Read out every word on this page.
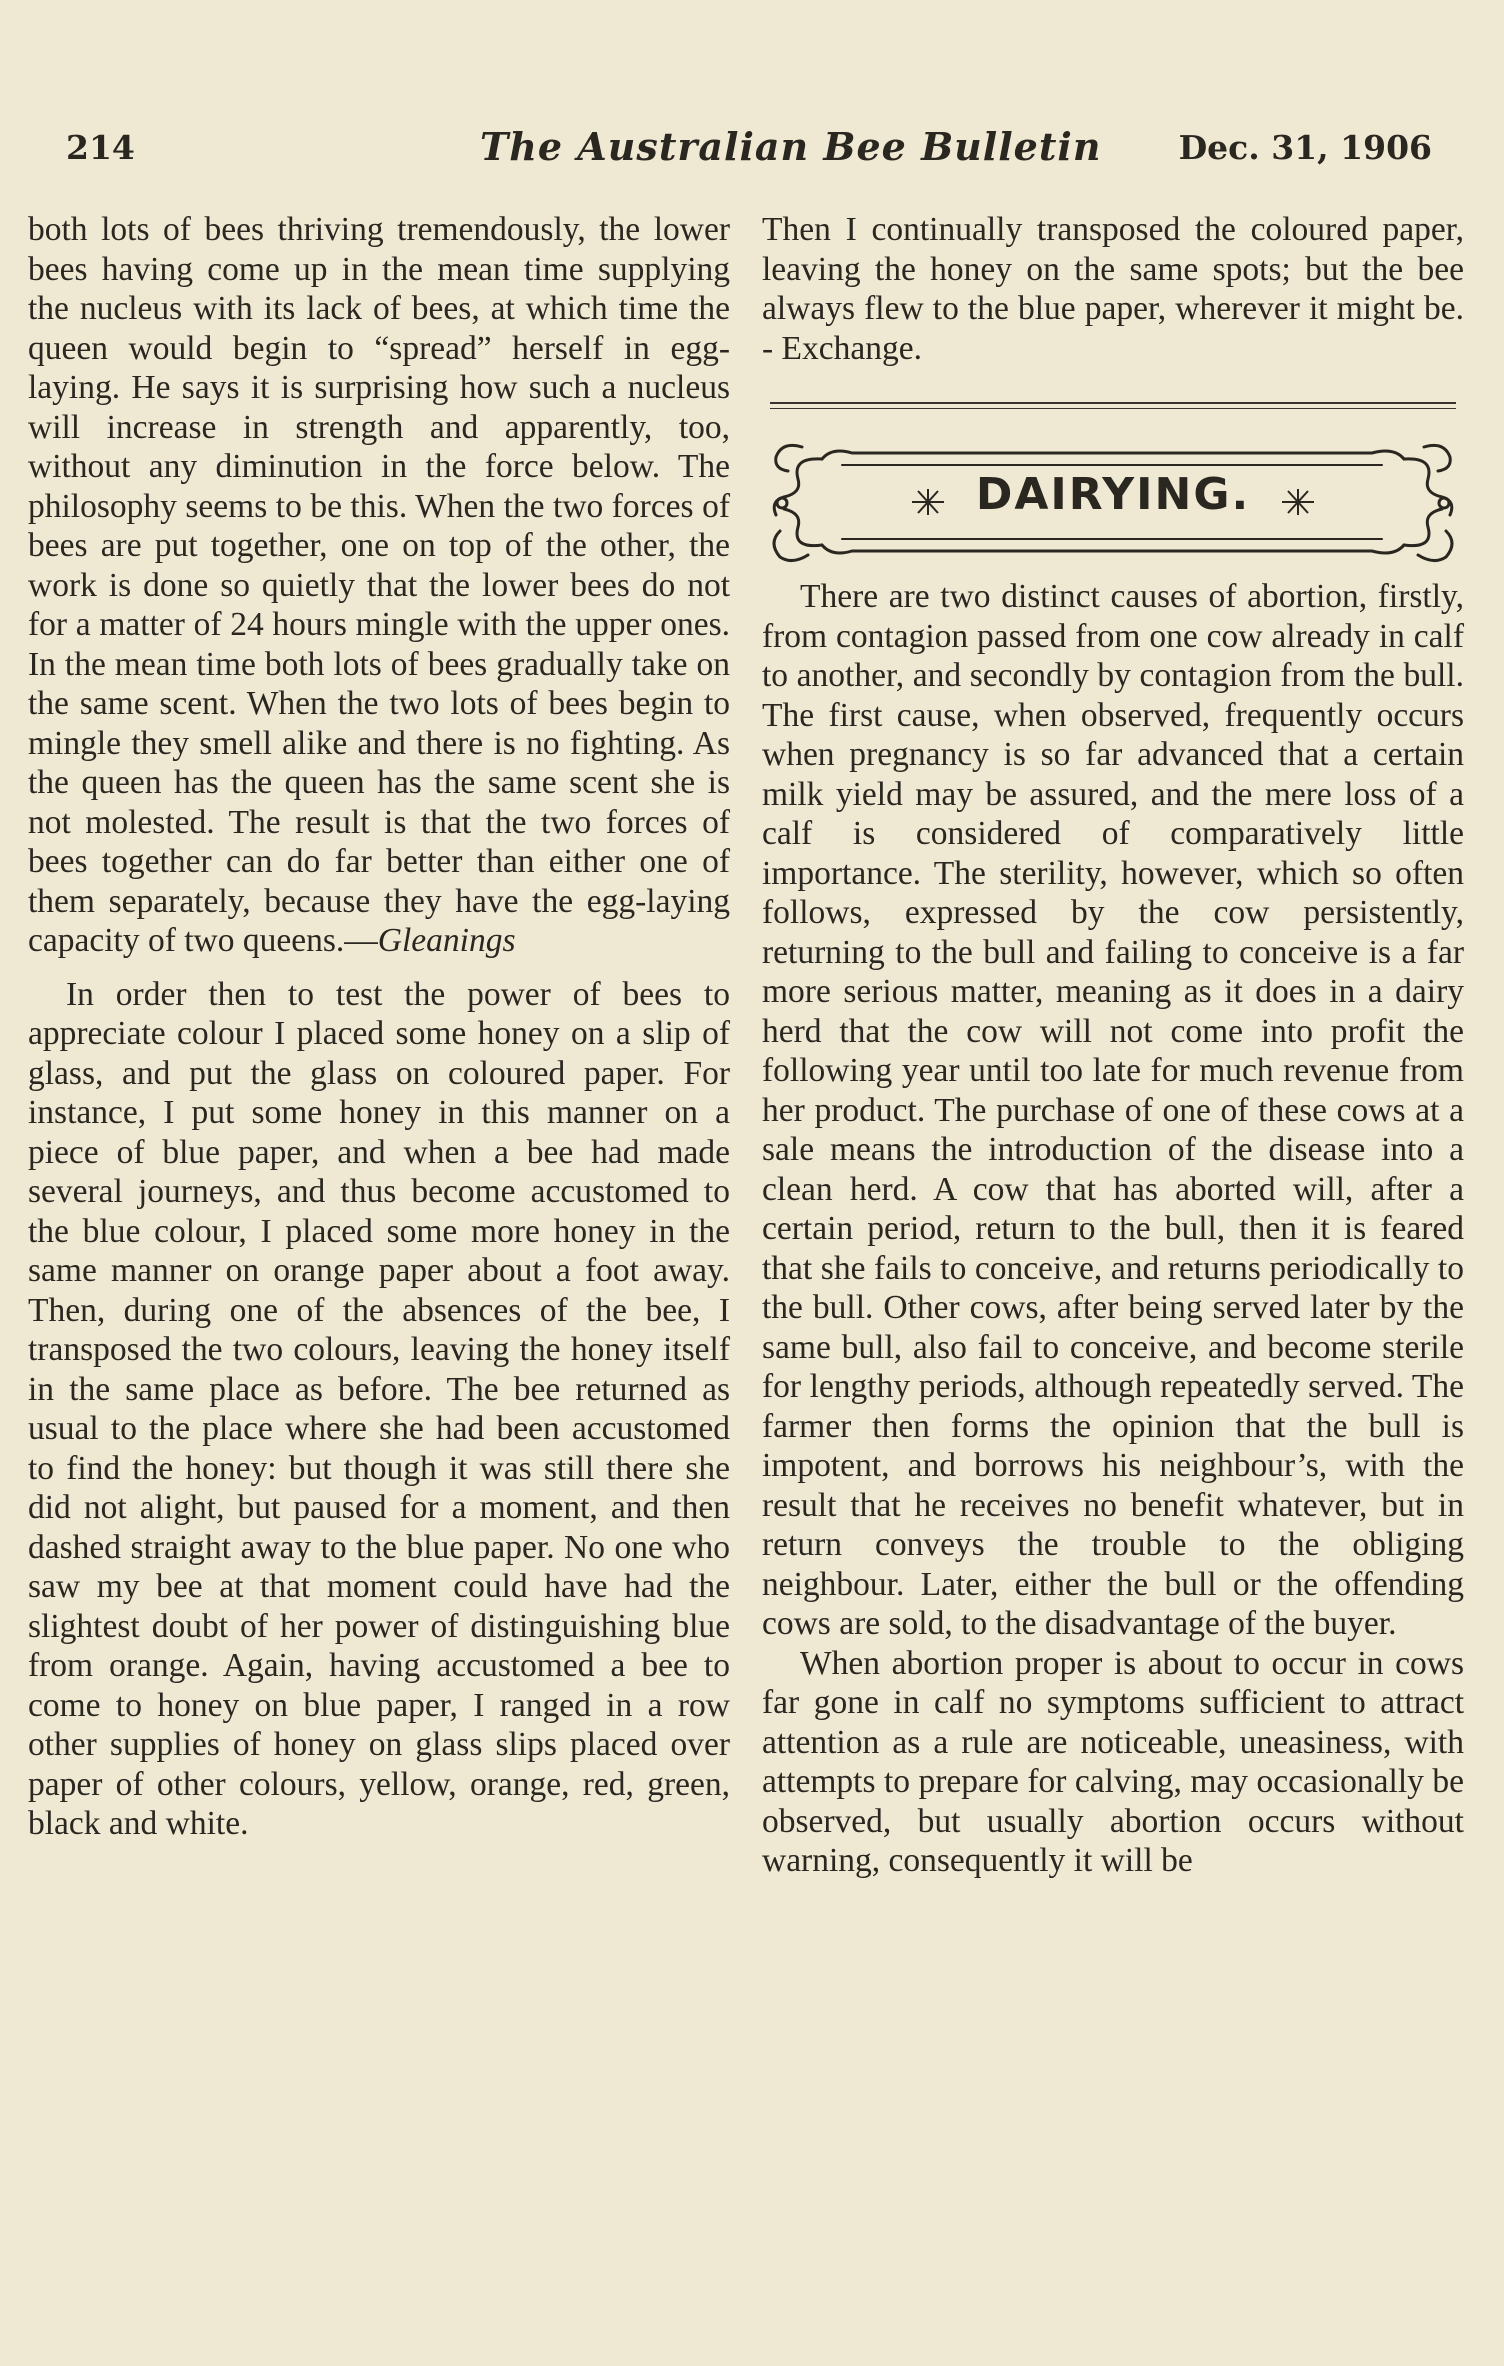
214	The Australian Bee Bulletin Dec. 31, 1906

both lots of bees thriving tremendously, the lower bees having come up in the mean time supplying the nucleus with its lack of bees, at which time the queen would begin to “spread” herself in egg-laying. He says it is surprising how such a nucleus will increase in strength and apparently, too, without any diminution in the force below. The philosophy seems to be this. When the two forces of bees are put together, one on top of the other, the work is done so quietly that the lower bees do not for a matter of 24 hours mingle with the upper ones. In the mean time both lots of bees gradually take on the same scent. When the two lots of bees begin to mingle they smell alike and there is no fighting. As the queen has the queen has the same scent she is not molested. The result is that the two forces of bees together can do far better than either one of them separately, because they have the egg-laying capacity of two queens.—Gleanings

In order then to test the power of bees to appreciate colour I placed some honey on a slip of glass, and put the glass on coloured paper. For instance, I put some honey in this manner on a piece of blue paper, and when a bee had made several journeys, and thus become accustomed to the blue colour, I placed some more honey in the same manner on orange paper about a foot away. Then, during one of the absences of the bee, I transposed the two colours, leaving the honey itself in the same place as before. The bee returned as usual to the place where she had been accustomed to find the honey: but though it was still there she did not alight, but paused for a moment, and then dashed straight away to the blue paper. No one who saw my bee at that moment could have had the slightest doubt of her power of distinguishing blue from orange. Again, having accustomed a bee to come to honey on blue paper, I ranged in a row other supplies of honey on glass slips placed over paper of other colours, yellow, orange, red, green, black and white.

Then I continually transposed the coloured paper, leaving the honey on the same spots; but the bee always flew to the blue paper, wherever it might be. - Exchange.

DAIRYING.

There are two distinct causes of abortion, firstly, from contagion passed from one cow already in calf to another, and secondly by contagion from the bull. The first cause, when observed, frequently occurs when pregnancy is so far advanced that a certain milk yield may be assured, and the mere loss of a calf is considered of comparatively little importance. The sterility, however, which so often follows, expressed by the cow persistently, returning to the bull and failing to conceive is a far more serious matter, meaning as it does in a dairy herd that the cow will not come into profit the following year until too late for much revenue from her product. The purchase of one of these cows at a sale means the introduction of the disease into a clean herd. A cow that has aborted will, after a certain period, return to the bull, then it is feared that she fails to conceive, and returns periodically to the bull. Other cows, after being served later by the same bull, also fail to conceive, and become sterile for lengthy periods, although repeatedly served. The farmer then forms the opinion that the bull is impotent, and borrows his neighbour’s, with the result that he receives no benefit whatever, but in return conveys the trouble to the obliging neighbour. Later, either the bull or the offending cows are sold, to the disadvantage of the buyer.

When abortion proper is about to occur in cows far gone in calf no symptoms sufficient to attract attention as a rule are noticeable, uneasiness, with attempts to prepare for calving, may occasionally be observed, but usually abortion occurs without warning, consequently it will be
